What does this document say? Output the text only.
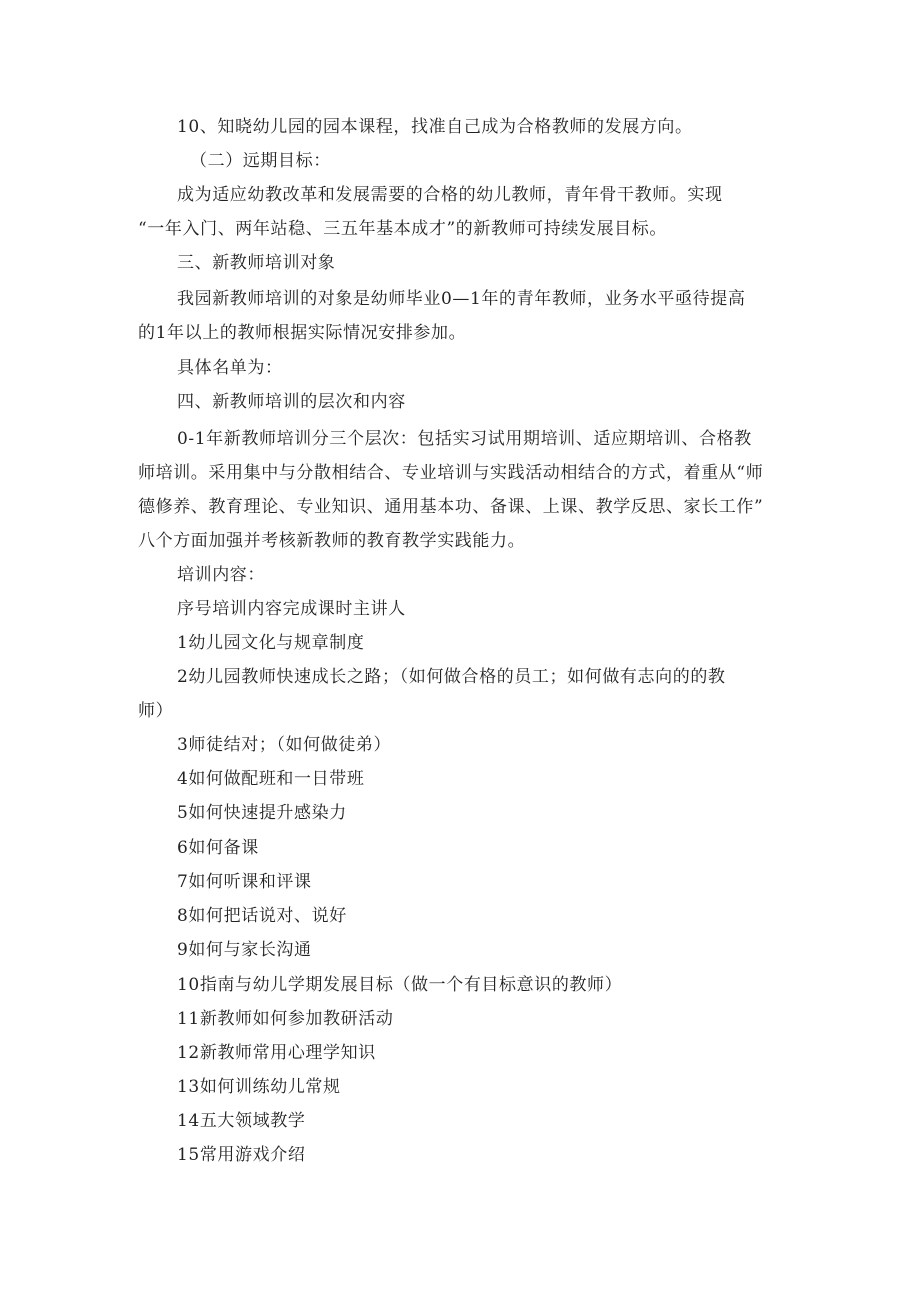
10、知晓幼儿园的园本课程，找准自己成为合格教师的发展方向。
（二）远期目标：
成为适应幼教改革和发展需要的合格的幼儿教师，青年骨干教师。实现
“一年入门、两年站稳、三五年基本成才”的新教师可持续发展目标。
三、新教师培训对象
我园新教师培训的对象是幼师毕业0—1年的青年教师，业务水平亟待提高
的1年以上的教师根据实际情况安排参加。
具体名单为：
四、新教师培训的层次和内容
0-1年新教师培训分三个层次：包括实习试用期培训、适应期培训、合格教
师培训。采用集中与分散相结合、专业培训与实践活动相结合的方式，着重从“师
德修养、教育理论、专业知识、通用基本功、备课、上课、教学反思、家长工作”
八个方面加强并考核新教师的教育教学实践能力。
培训内容：
序号培训内容完成课时主讲人
1幼儿园文化与规章制度
2幼儿园教师快速成长之路；（如何做合格的员工；如何做有志向的的教
师）
3师徒结对；（如何做徒弟）
4如何做配班和一日带班
5如何快速提升感染力
6如何备课
7如何听课和评课
8如何把话说对、说好
9如何与家长沟通
10指南与幼儿学期发展目标（做一个有目标意识的教师）
11新教师如何参加教研活动
12新教师常用心理学知识
13如何训练幼儿常规
14五大领域教学
15常用游戏介绍
